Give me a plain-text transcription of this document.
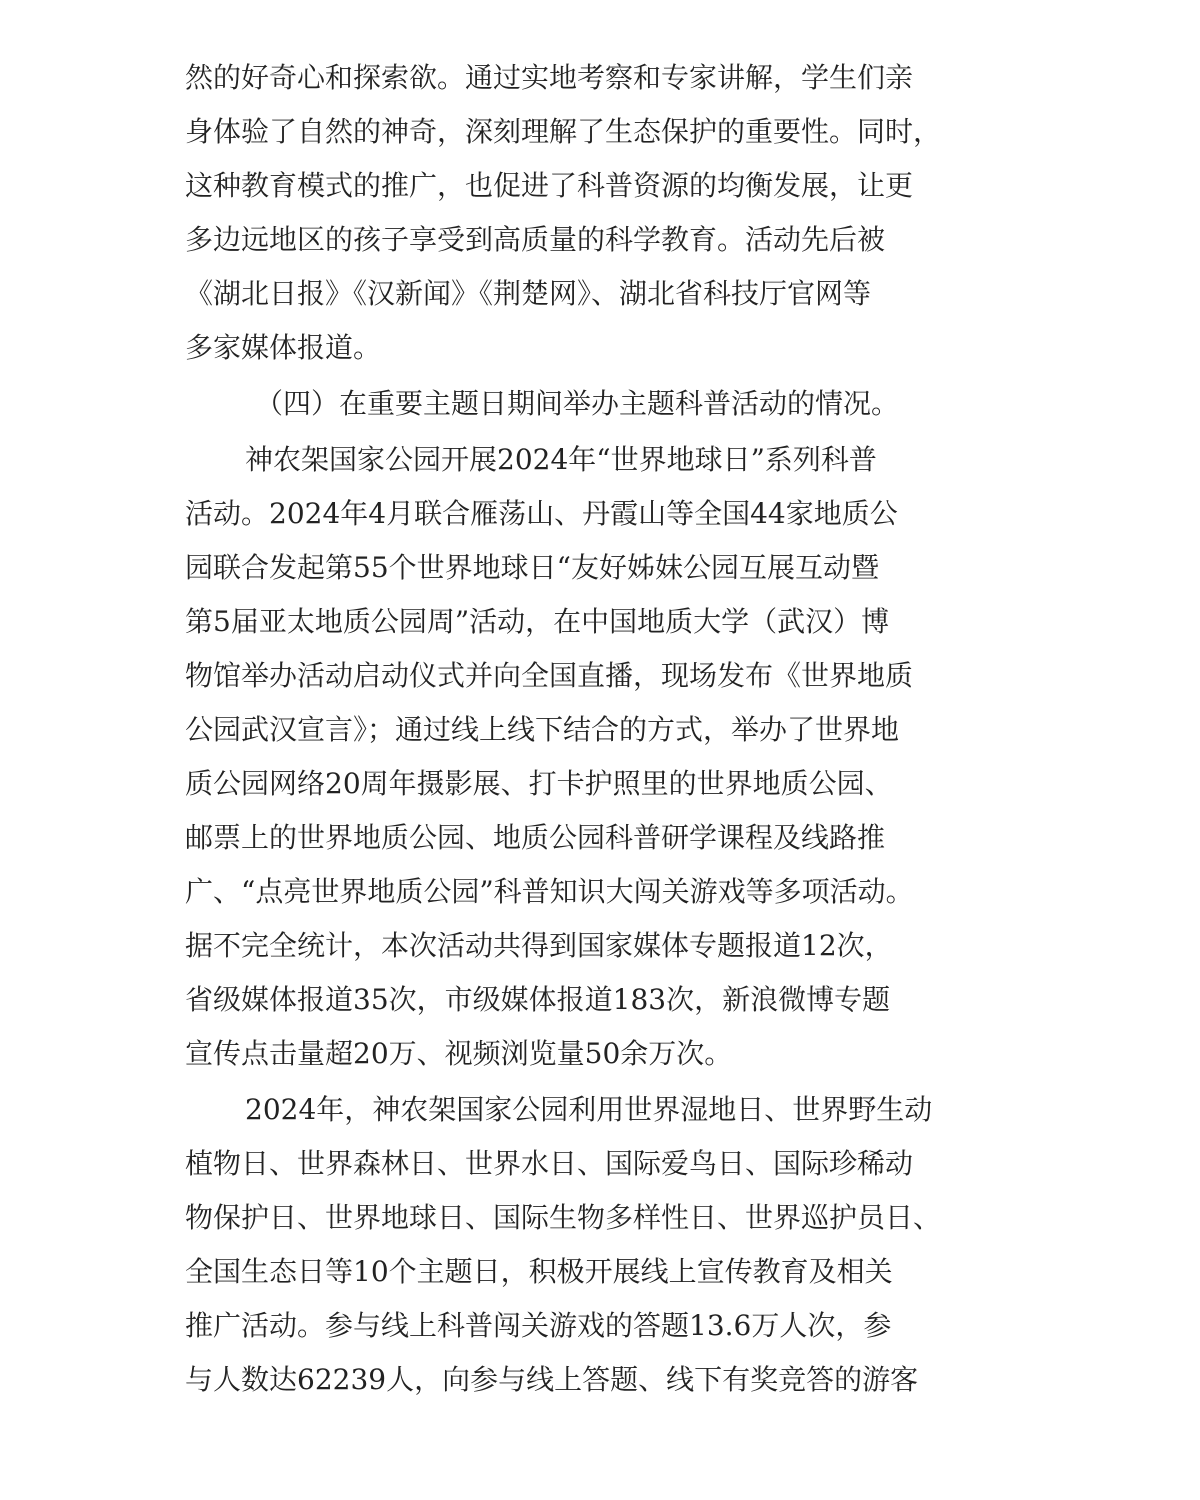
然的好奇心和探索欲。通过实地考察和专家讲解，学生们亲
身体验了自然的神奇，深刻理解了生态保护的重要性。同时，
这种教育模式的推广，也促进了科普资源的均衡发展，让更
多边远地区的孩子享受到高质量的科学教育。活动先后被
《湖北日报》《汉新闻》《荆楚网》、湖北省科技厅官网等
多家媒体报道。
（四）在重要主题日期间举办主题科普活动的情况。
神农架国家公园开展2024年“世界地球日”系列科普
活动。2024年4月联合雁荡山、丹霞山等全国44家地质公
园联合发起第55个世界地球日“友好姊妹公园互展互动暨
第5届亚太地质公园周”活动，在中国地质大学（武汉）博
物馆举办活动启动仪式并向全国直播，现场发布《世界地质
公园武汉宣言》；通过线上线下结合的方式，举办了世界地
质公园网络20周年摄影展、打卡护照里的世界地质公园、
邮票上的世界地质公园、地质公园科普研学课程及线路推
广、“点亮世界地质公园”科普知识大闯关游戏等多项活动。
据不完全统计，本次活动共得到国家媒体专题报道12次，
省级媒体报道35次，市级媒体报道183次，新浪微博专题
宣传点击量超20万、视频浏览量50余万次。
2024年，神农架国家公园利用世界湿地日、世界野生动
植物日、世界森林日、世界水日、国际爱鸟日、国际珍稀动
物保护日、世界地球日、国际生物多样性日、世界巡护员日、
全国生态日等10个主题日，积极开展线上宣传教育及相关
推广活动。参与线上科普闯关游戏的答题13.6万人次，参
与人数达62239人，向参与线上答题、线下有奖竞答的游客
